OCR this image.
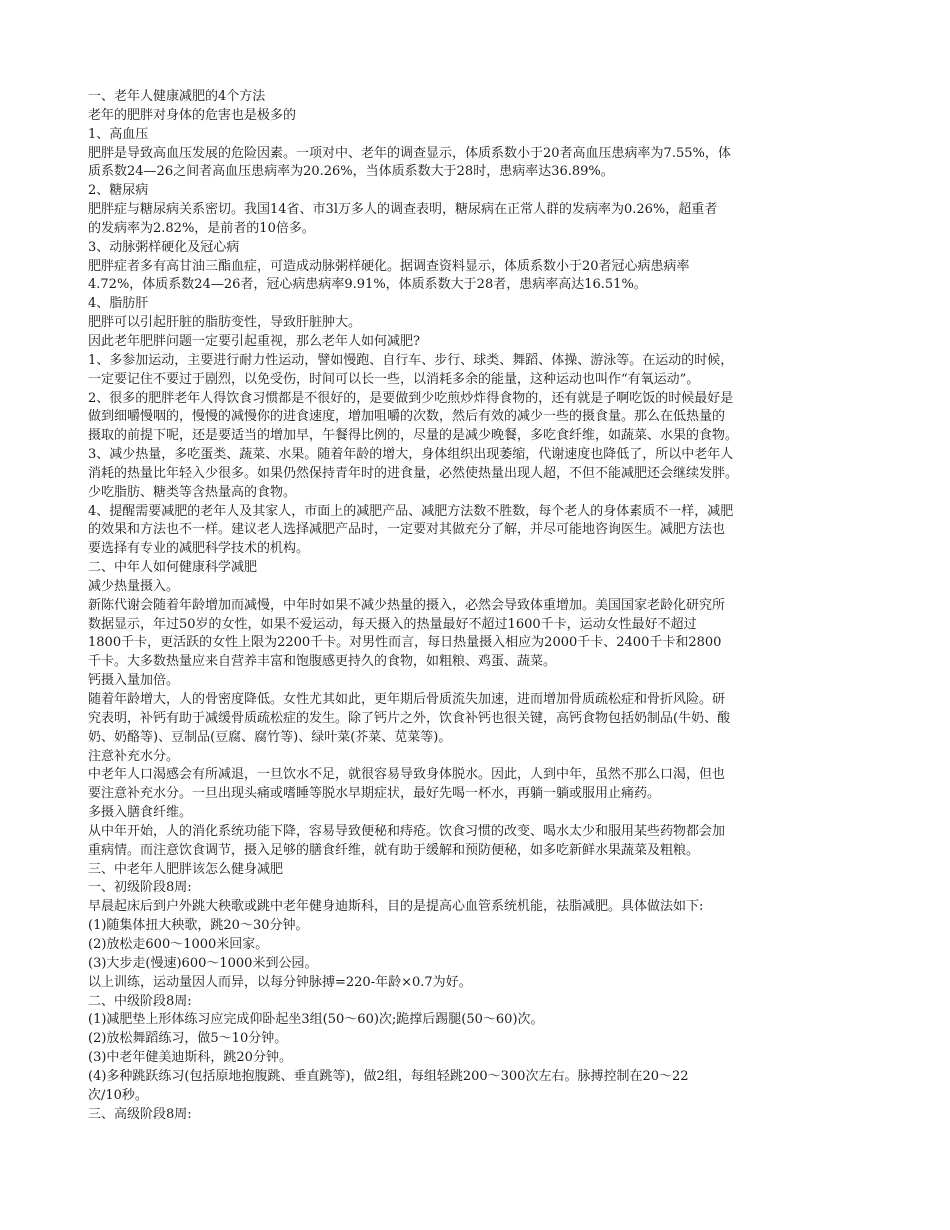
一、老年人健康减肥的4个方法
老年的肥胖对身体的危害也是极多的
1、高血压
肥胖是导致高血压发展的危险因素。一项对中、老年的调查显示，体质系数小于20者高血压患病率为7.55%，体
质系数24—26之间者高血压患病率为20.26%，当体质系数大于28时，患病率达36.89%。
2、糖尿病
肥胖症与糖尿病关系密切。我国14省、市3l万多人的调查表明，糖尿病在正常人群的发病率为0.26%，超重者
的发病率为2.82%，是前者的10倍多。
3、动脉粥样硬化及冠心病
肥胖症者多有高甘油三酯血症，可造成动脉粥样硬化。据调查资料显示，体质系数小于20者冠心病患病率
4.72%，体质系数24—26者，冠心病患病率9.91%，体质系数大于28者，患病率高达16.51%。
4、脂肪肝
肥胖可以引起肝脏的脂肪变性，导致肝脏肿大。
因此老年肥胖问题一定要引起重视，那么老年人如何减肥?
1、多参加运动，主要进行耐力性运动，譬如慢跑、自行车、步行、球类、舞蹈、体操、游泳等。在运动的时候，
一定要记住不要过于剧烈，以免受伤，时间可以长一些，以消耗多余的能量，这种运动也叫作“有氧运动”。
2、很多的肥胖老年人得饮食习惯都是不很好的，是要做到少吃煎炒炸得食物的，还有就是子啊吃饭的时候最好是
做到细嚼慢咽的，慢慢的减慢你的进食速度，增加咀嚼的次数，然后有效的减少一些的摄食量。那么在低热量的
摄取的前提下呢，还是要适当的增加早，午餐得比例的，尽量的是减少晚餐，多吃食纤维，如蔬菜、水果的食物。
3、减少热量，多吃蛋类、蔬菜、水果。随着年龄的增大，身体组织出现萎缩，代谢速度也降低了，所以中老年人
消耗的热量比年轻入少很多。如果仍然保持青年时的进食量，必然使热量出现人超，不但不能减肥还会继续发胖。
少吃脂肪、糖类等含热量高的食物。
4、提醒需要减肥的老年人及其家人，市面上的减肥产品、减肥方法数不胜数，每个老人的身体素质不一样，减肥
的效果和方法也不一样。建议老人选择减肥产品时，一定要对其做充分了解，并尽可能地咨询医生。减肥方法也
要选择有专业的减肥科学技术的机构。
二、中年人如何健康科学减肥
减少热量摄入。
新陈代谢会随着年龄增加而减慢，中年时如果不减少热量的摄入，必然会导致体重增加。美国国家老龄化研究所
数据显示，年过50岁的女性，如果不爱运动，每天摄入的热量最好不超过1600千卡，运动女性最好不超过
1800千卡，更活跃的女性上限为2200千卡。对男性而言，每日热量摄入相应为2000千卡、2400千卡和2800
千卡。大多数热量应来自营养丰富和饱腹感更持久的食物，如粗粮、鸡蛋、蔬菜。
钙摄入量加倍。
随着年龄增大，人的骨密度降低。女性尤其如此，更年期后骨质流失加速，进而增加骨质疏松症和骨折风险。研
究表明，补钙有助于减缓骨质疏松症的发生。除了钙片之外，饮食补钙也很关键，高钙食物包括奶制品(牛奶、酸
奶、奶酪等)、豆制品(豆腐、腐竹等)、绿叶菜(芥菜、苋菜等)。
注意补充水分。
中老年人口渴感会有所减退，一旦饮水不足，就很容易导致身体脱水。因此，人到中年，虽然不那么口渴，但也
要注意补充水分。一旦出现头痛或嗜睡等脱水早期症状，最好先喝一杯水，再躺一躺或服用止痛药。
多摄入膳食纤维。
从中年开始，人的消化系统功能下降，容易导致便秘和痔疮。饮食习惯的改变、喝水太少和服用某些药物都会加
重病情。而注意饮食调节，摄入足够的膳食纤维，就有助于缓解和预防便秘，如多吃新鲜水果蔬菜及粗粮。
三、中老年人肥胖该怎么健身减肥
一、初级阶段8周:
早晨起床后到户外跳大秧歌或跳中老年健身迪斯科，目的是提高心血管系统机能，祛脂减肥。具体做法如下:
(1)随集体扭大秧歌，跳20～30分钟。
(2)放松走600～1000米回家。
(3)大步走(慢速)600～1000米到公园。
以上训练，运动量因人而异，以每分钟脉搏=220-年龄×0.7为好。
二、中级阶段8周:
(1)减肥垫上形体练习应完成仰卧起坐3组(50～60)次;跪撑后踢腿(50～60)次。
(2)放松舞蹈练习，做5～10分钟。
(3)中老年健美迪斯科，跳20分钟。
(4)多种跳跃练习(包括原地抱腹跳、垂直跳等)，做2组，每组轻跳200～300次左右。脉搏控制在20～22
次/10秒。
三、高级阶段8周:
